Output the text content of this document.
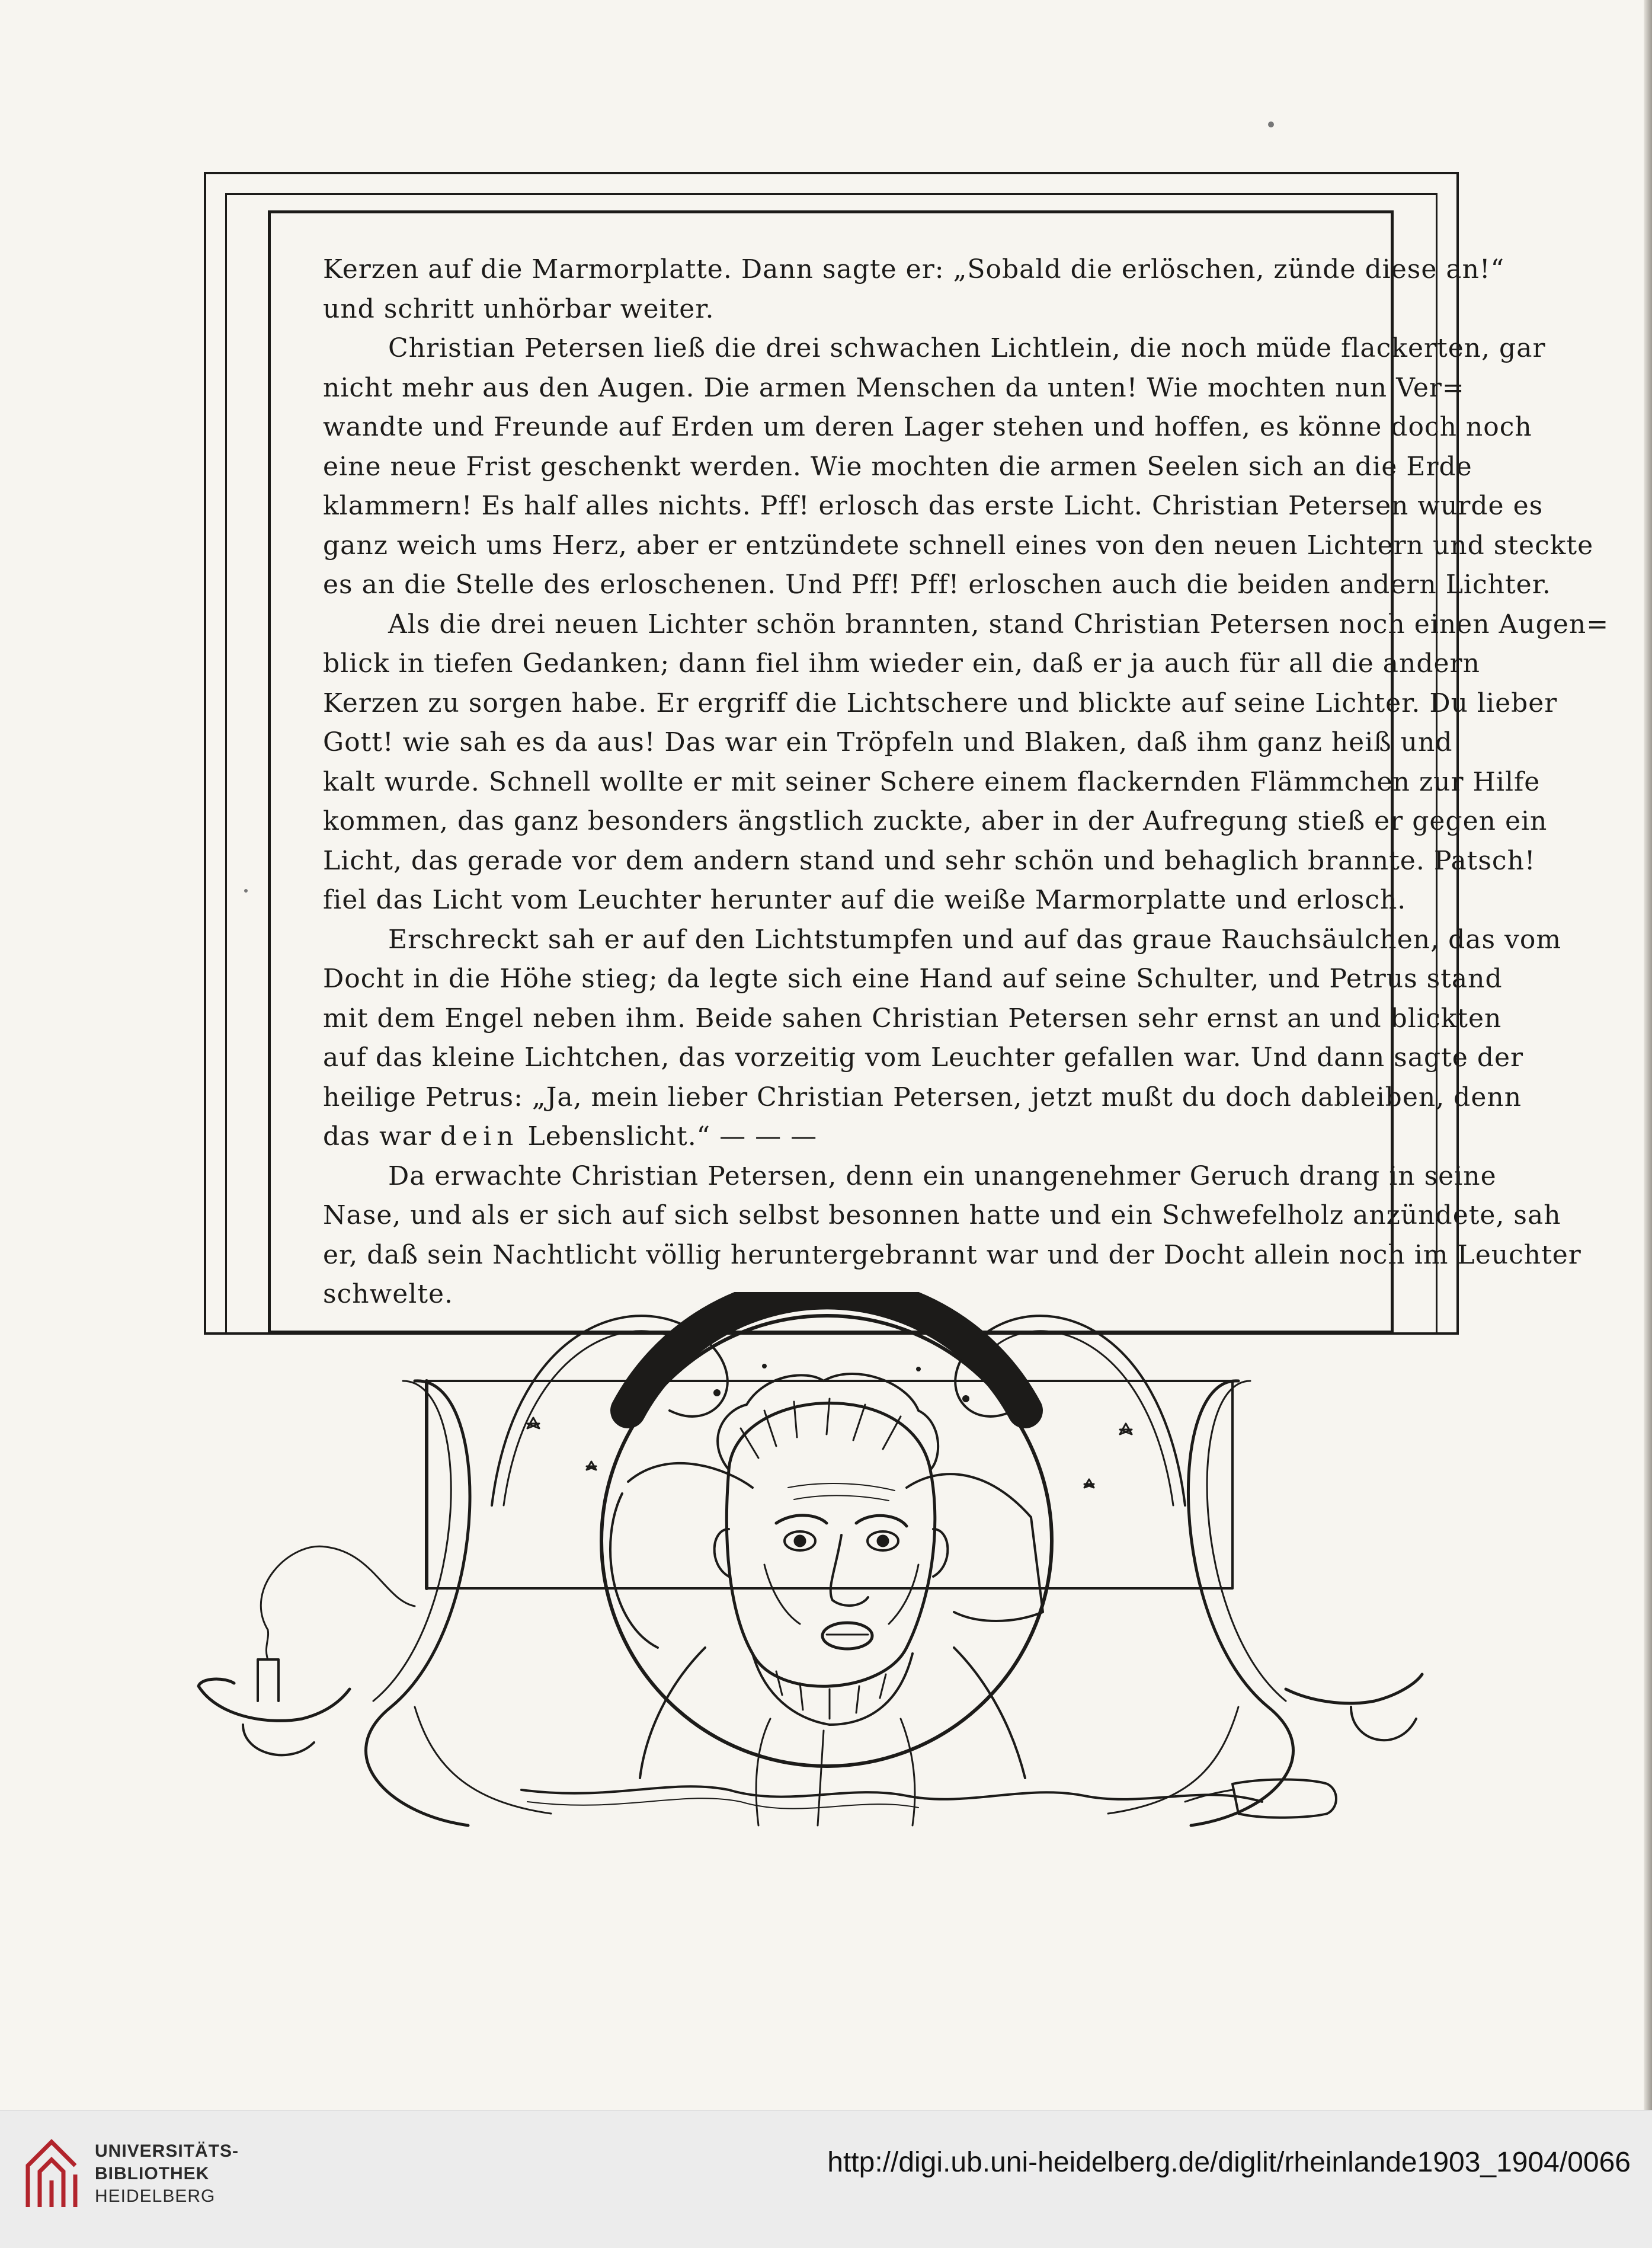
Kerzen auf die Marmorplatte. Dann sagte er: „Sobald die erlöschen, zünde diese an!“

und schritt unhörbar weiter.

Christian Petersen ließ die drei schwachen Lichtlein, die noch müde flackerten, gar

nicht mehr aus den Augen. Die armen Menschen da unten! Wie mochten nun Ver=

wandte und Freunde auf Erden um deren Lager stehen und hoffen, es könne doch noch

eine neue Frist geschenkt werden. Wie mochten die armen Seelen sich an die Erde

klammern! Es half alles nichts. Pff! erlosch das erste Licht. Christian Petersen wurde es

ganz weich ums Herz, aber er entzündete schnell eines von den neuen Lichtern und steckte

es an die Stelle des erloschenen. Und Pff! Pff! erloschen auch die beiden andern Lichter.

Als die drei neuen Lichter schön brannten, stand Christian Petersen noch einen Augen=

blick in tiefen Gedanken; dann fiel ihm wieder ein, daß er ja auch für all die andern

Kerzen zu sorgen habe. Er ergriff die Lichtschere und blickte auf seine Lichter. Du lieber

Gott! wie sah es da aus! Das war ein Tröpfeln und Blaken, daß ihm ganz heiß und

kalt wurde. Schnell wollte er mit seiner Schere einem flackernden Flämmchen zur Hilfe

kommen, das ganz besonders ängstlich zuckte, aber in der Aufregung stieß er gegen ein

Licht, das gerade vor dem andern stand und sehr schön und behaglich brannte. Patsch!

fiel das Licht vom Leuchter herunter auf die weiße Marmorplatte und erlosch.

Erschreckt sah er auf den Lichtstumpfen und auf das graue Rauchsäulchen, das vom

Docht in die Höhe stieg; da legte sich eine Hand auf seine Schulter, und Petrus stand

mit dem Engel neben ihm. Beide sahen Christian Petersen sehr ernst an und blickten

auf das kleine Lichtchen, das vorzeitig vom Leuchter gefallen war. Und dann sagte der

heilige Petrus: „Ja, mein lieber Christian Petersen, jetzt mußt du doch dableiben, denn

das war dein Lebenslicht.“ — — —

Da erwachte Christian Petersen, denn ein unangenehmer Geruch drang in seine

Nase, und als er sich auf sich selbst besonnen hatte und ein Schwefelholz anzündete, sah

er, daß sein Nachtlicht völlig heruntergebrannt war und der Docht allein noch im Leuchter

schwelte.

UNIVERSITÄTS-
BIBLIOTHEK
HEIDELBERG
http://digi.ub.uni-heidelberg.de/diglit/rheinlande1903_1904/0066
